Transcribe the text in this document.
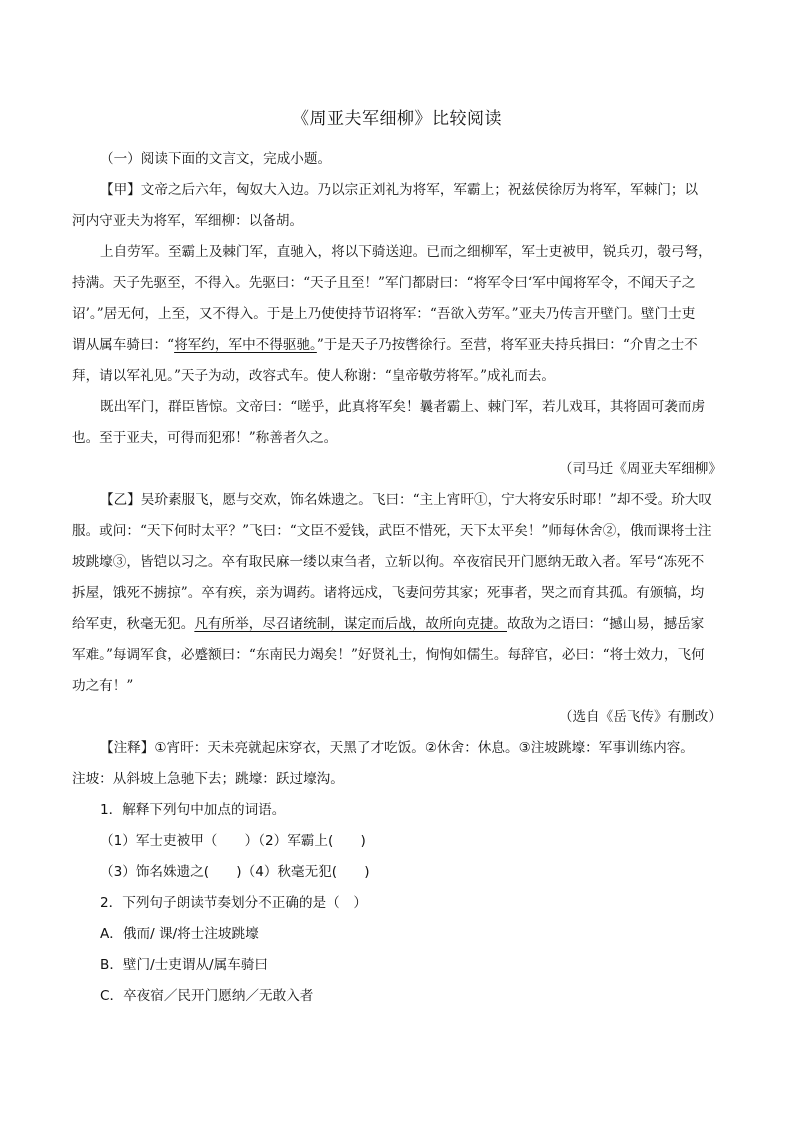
《周亚夫军细柳》比较阅读
（一）阅读下面的文言文，完成小题。
【甲】文帝之后六年，匈奴大入边。乃以宗正刘礼为将军，军霸上；祝兹侯徐厉为将军，军棘门；以
河内守亚夫为将军，军细柳：以备胡。
上自劳军。至霸上及棘门军，直驰入，将以下骑送迎。已而之细柳军，军士吏被甲，锐兵刃，彀弓弩，
持满。天子先驱至，不得入。先驱曰：“天子且至！”军门都尉曰：“将军令曰‘军中闻将军令，不闻天子之
诏’。”居无何，上至，又不得入。于是上乃使使持节诏将军：“吾欲入劳军。”亚夫乃传言开壁门。壁门士吏
谓从属车骑曰：“将军约，军中不得驱驰。”于是天子乃按辔徐行。至营，将军亚夫持兵揖曰：“介胄之士不
拜，请以军礼见。”天子为动，改容式车。使人称谢：“皇帝敬劳将军。”成礼而去。
既出军门，群臣皆惊。文帝曰：“嗟乎，此真将军矣！曩者霸上、棘门军，若儿戏耳，其将固可袭而虏
也。至于亚夫，可得而犯邪！”称善者久之。
（司马迁《周亚夫军细柳》
【乙】吴玠素服飞，愿与交欢，饰名姝遗之。飞曰：“主上宵旰①，宁大将安乐时耶！”却不受。玠大叹
服。或问：“天下何时太平？”飞曰：“文臣不爱钱，武臣不惜死，天下太平矣！”师每休舍②，俄而课将士注
坡跳壕③，皆铠以习之。卒有取民麻一缕以束刍者，立斩以徇。卒夜宿民开门愿纳无敢入者。军号“冻死不
拆屋，饿死不掳掠”。卒有疾，亲为调药。诸将远戍，飞妻问劳其家；死事者，哭之而育其孤。有颁犒，均
给军吏，秋毫无犯。凡有所举，尽召诸统制，谋定而后战，故所向克捷。故敌为之语曰：“撼山易，撼岳家
军难。”每调军食，必蹙额曰：“东南民力竭矣！”好贤礼士，恂恂如儒生。每辞官，必曰：“将士效力，飞何
功之有！”
（选自《岳飞传》有删改）
【注释】①宵旰：天未亮就起床穿衣，天黑了才吃饭。②休舍：休息。③注坡跳壕：军事训练内容。
注坡：从斜坡上急驰下去；跳壕：跃过壕沟。
1．解释下列句中加点的词语。
（1）军士吏被甲（　　）（2）军霸上(　　)
（3）饰名姝遗之(　　)（4）秋毫无犯(　　)
2．下列句子朗读节奏划分不正确的是（　）
A．俄而/ 课/将士注坡跳壕
B．壁门/士吏谓从/属车骑曰
C．卒夜宿／民开门愿纳／无敢入者
